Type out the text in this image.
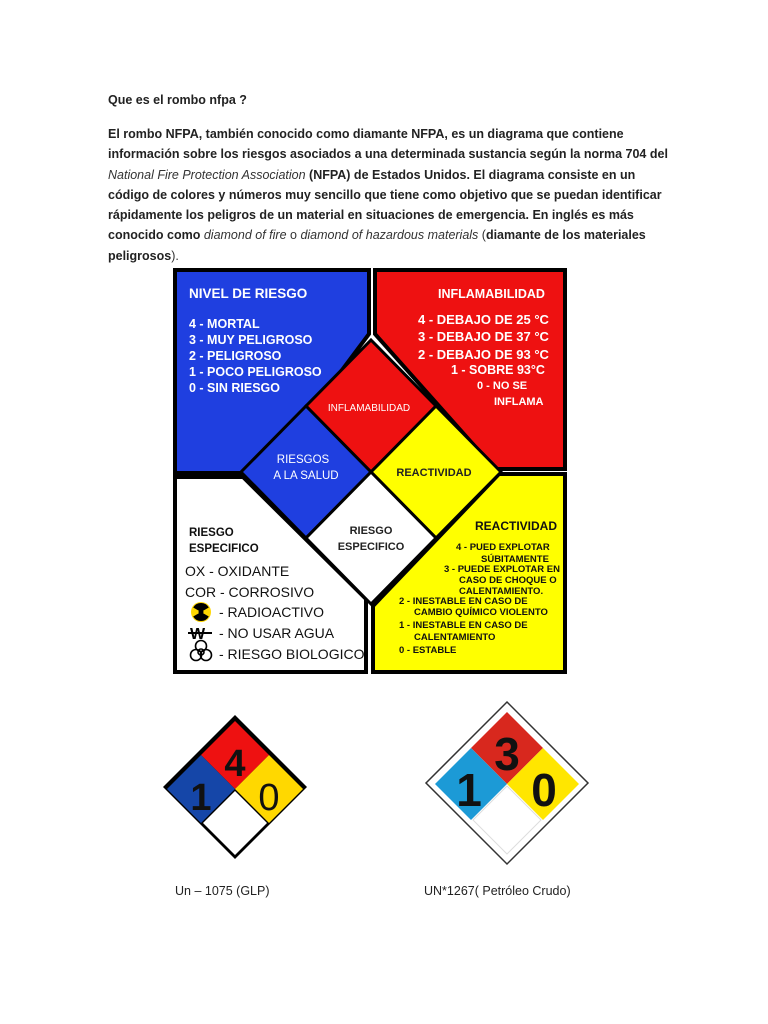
Que es el rombo nfpa ?
El rombo NFPA, también conocido como diamante NFPA, es un diagrama que contiene información sobre los riesgos asociados a una determinada sustancia según la norma 704 del National Fire Protection Association (NFPA) de Estados Unidos. El diagrama consiste en un código de colores y números muy sencillo que tiene como objetivo que se puedan identificar rápidamente los peligros de un material en situaciones de emergencia. En inglés es más conocido como diamond of fire o diamond of hazardous materials (diamante de los materiales peligrosos).
NIVEL DE RIESGO
4 - MORTAL
3 - MUY PELIGROSO
2 - PELIGROSO
1 - POCO PELIGROSO
0 - SIN RIESGO
INFLAMABILIDAD
4 - DEBAJO DE 25 °C
3 - DEBAJO DE 37 °C
2 - DEBAJO DE 93 °C
1 - SOBRE 93°C
0 - NO SE
INFLAMA
INFLAMABILIDAD
RIESGOS
A LA SALUD	REACTIVIDAD
RIESGO
ESPECIFICO
RIESGO
ESPECIFICO
OX - OXIDANTE
COR - CORROSIVO
- RADIOACTIVO
W - NO USAR AGUA
- RIESGO BIOLOGICO
REACTIVIDAD
4 - PUED EXPLOTAR
SÚBITAMENTE
3 - PUEDE EXPLOTAR EN
CASO DE CHOQUE O
CALENTAMIENTO.
2 - INESTABLE EN CASO DE
CAMBIO QUÍMICO VIOLENTO
1 - INESTABLE EN CASO DE
CALENTAMIENTO
0 - ESTABLE
4
1 0
Un – 1075 (GLP)
3
1 0
UN*1267( Petróleo Crudo)
